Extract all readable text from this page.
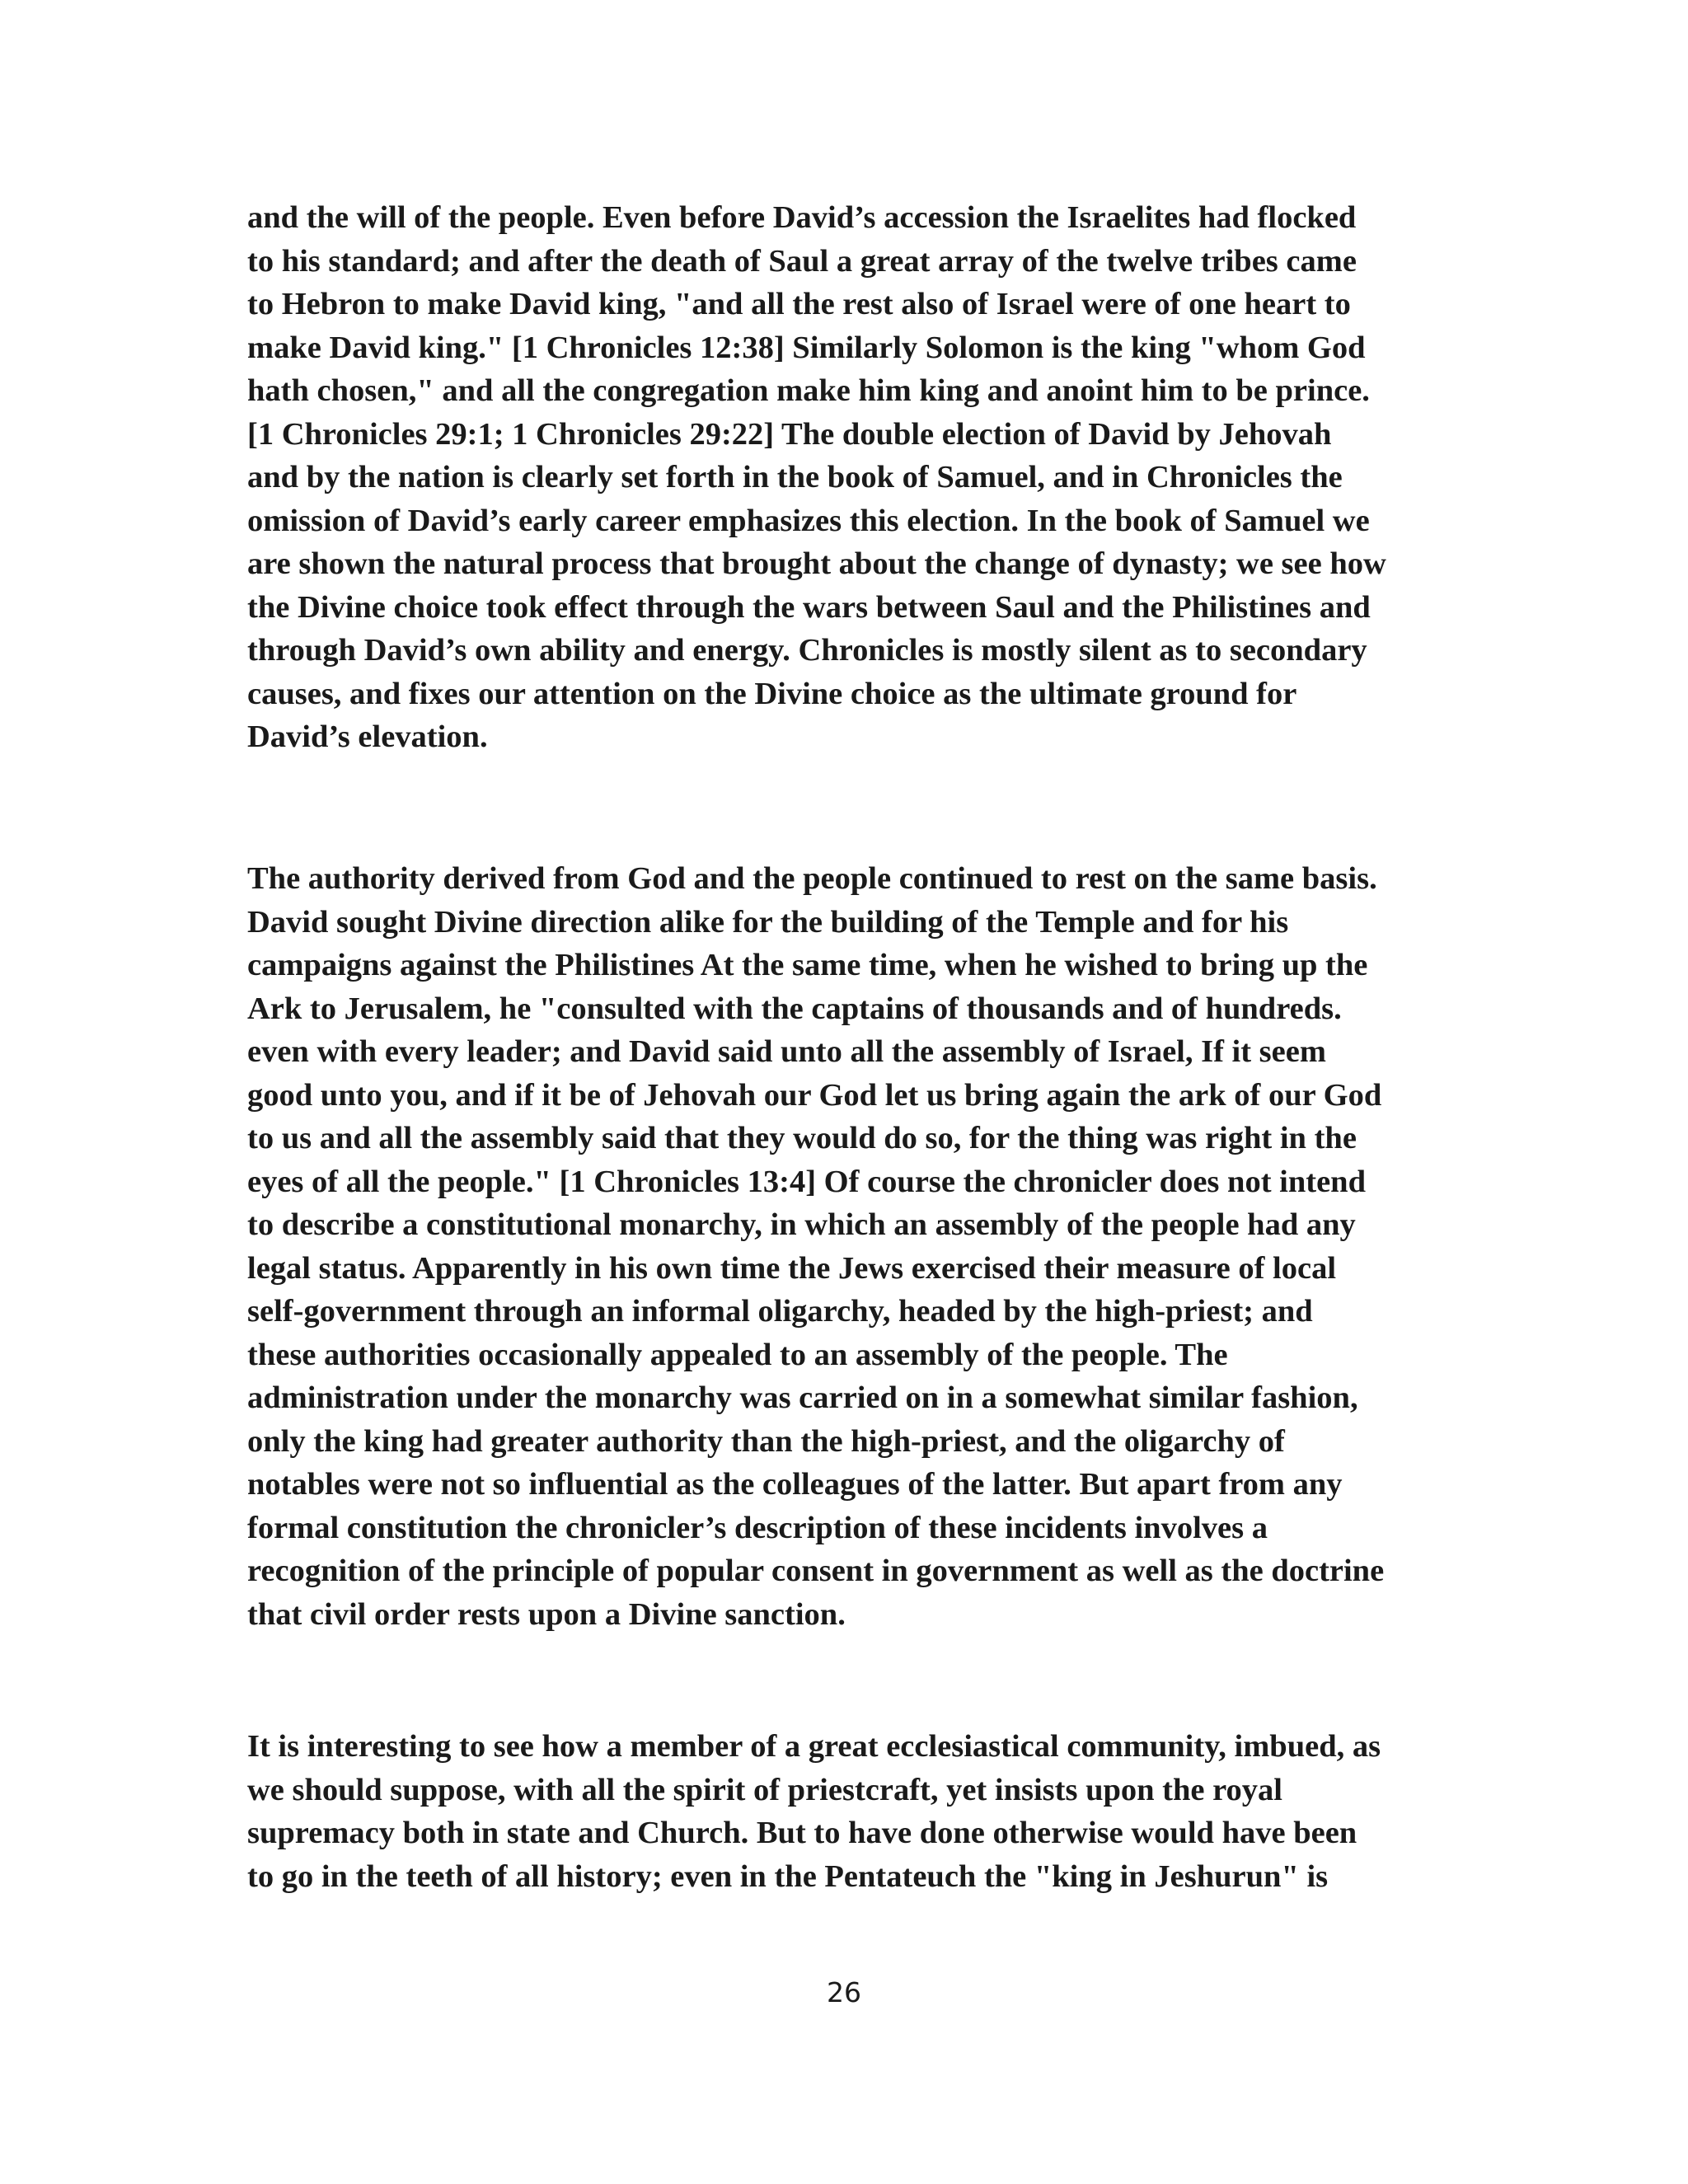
and the will of the people. Even before David’s accession the Israelites had flocked
to his standard; and after the death of Saul a great array of the twelve tribes came
to Hebron to make David king, "and all the rest also of Israel were of one heart to
make David king." [1 Chronicles 12:38] Similarly Solomon is the king "whom God
hath chosen," and all the congregation make him king and anoint him to be prince.
[1 Chronicles 29:1; 1 Chronicles 29:22] The double election of David by Jehovah
and by the nation is clearly set forth in the book of Samuel, and in Chronicles the
omission of David’s early career emphasizes this election. In the book of Samuel we
are shown the natural process that brought about the change of dynasty; we see how
the Divine choice took effect through the wars between Saul and the Philistines and
through David’s own ability and energy. Chronicles is mostly silent as to secondary
causes, and fixes our attention on the Divine choice as the ultimate ground for
David’s elevation.
The authority derived from God and the people continued to rest on the same basis.
David sought Divine direction alike for the building of the Temple and for his
campaigns against the Philistines At the same time, when he wished to bring up the
Ark to Jerusalem, he "consulted with the captains of thousands and of hundreds.
even with every leader; and David said unto all the assembly of Israel, If it seem
good unto you, and if it be of Jehovah our God let us bring again the ark of our God
to us and all the assembly said that they would do so, for the thing was right in the
eyes of all the people." [1 Chronicles 13:4] Of course the chronicler does not intend
to describe a constitutional monarchy, in which an assembly of the people had any
legal status. Apparently in his own time the Jews exercised their measure of local
self-government through an informal oligarchy, headed by the high-priest; and
these authorities occasionally appealed to an assembly of the people. The
administration under the monarchy was carried on in a somewhat similar fashion,
only the king had greater authority than the high-priest, and the oligarchy of
notables were not so influential as the colleagues of the latter. But apart from any
formal constitution the chronicler’s description of these incidents involves a
recognition of the principle of popular consent in government as well as the doctrine
that civil order rests upon a Divine sanction.
It is interesting to see how a member of a great ecclesiastical community, imbued, as
we should suppose, with all the spirit of priestcraft, yet insists upon the royal
supremacy both in state and Church. But to have done otherwise would have been
to go in the teeth of all history; even in the Pentateuch the "king in Jeshurun" is
26
